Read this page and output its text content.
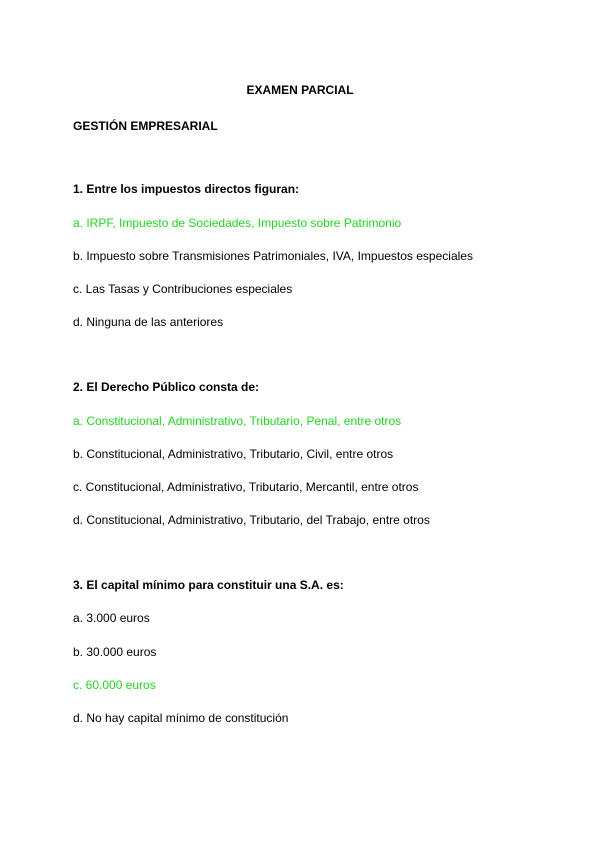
EXAMEN PARCIAL
GESTIÓN EMPRESARIAL
1. Entre los impuestos directos figuran:
a. IRPF, Impuesto de Sociedades, Impuesto sobre Patrimonio
b. Impuesto sobre Transmisiones Patrimoniales, IVA, Impuestos especiales
c. Las Tasas y Contribuciones especiales
d. Ninguna de las anteriores
2. El Derecho Público consta de:
a. Constitucional, Administrativo, Tributario, Penal, entre otros
b. Constitucional, Administrativo, Tributario, Civil, entre otros
c. Constitucional, Administrativo, Tributario, Mercantil, entre otros
d. Constitucional, Administrativo, Tributario, del Trabajo, entre otros
3. El capital mínimo para constituir una S.A. es:
a. 3.000 euros
b. 30.000 euros
c. 60.000 euros
d. No hay capital mínimo de constitución
